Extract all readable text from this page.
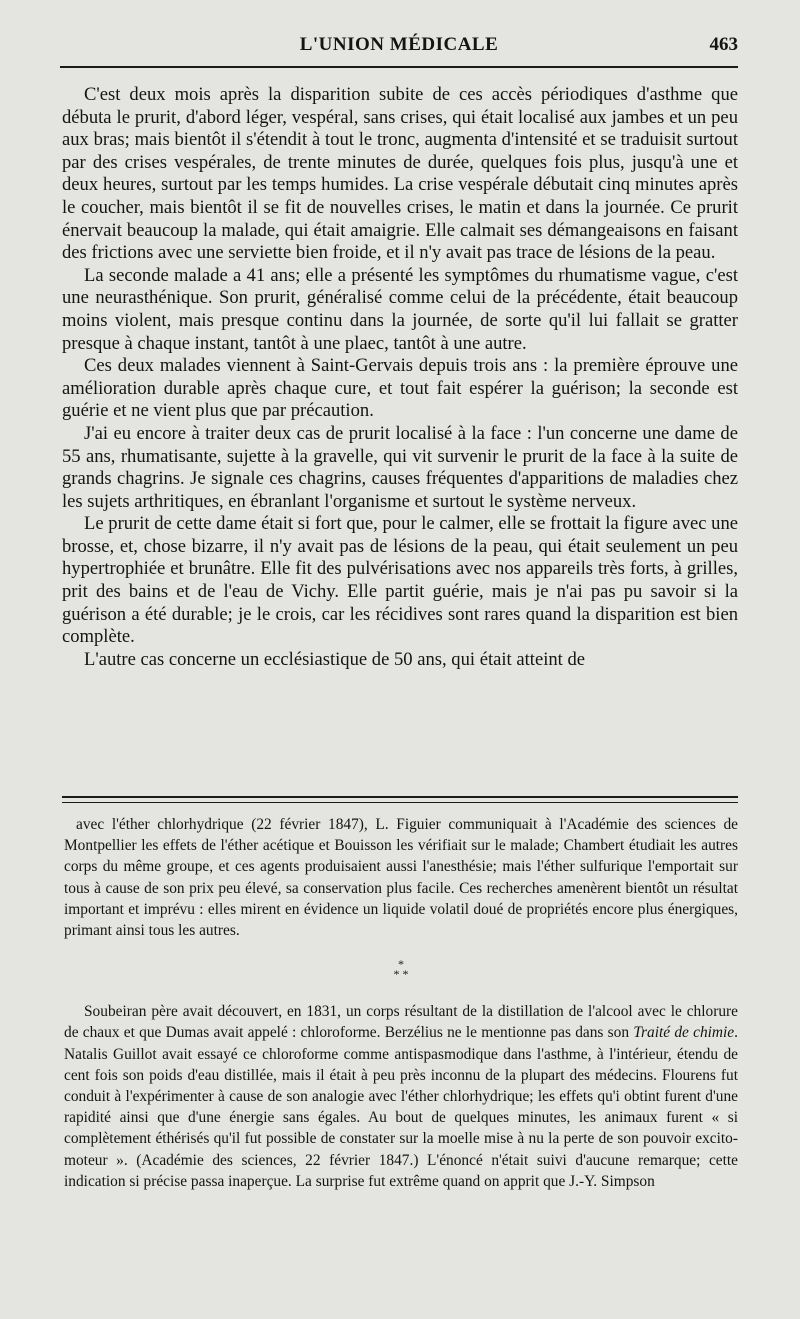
L'UNION MÉDICALE	463

C'est deux mois après la disparition subite de ces accès périodiques d'asthme que débuta le prurit, d'abord léger, vespéral, sans crises, qui était localisé aux jambes et un peu aux bras; mais bientôt il s'étendit à tout le tronc, augmenta d'intensité et se traduisit surtout par des crises vespérales, de trente minutes de durée, quelques fois plus, jusqu'à une et deux heures, surtout par les temps humides. La crise vespérale débutait cinq minutes après le coucher, mais bientôt il se fit de nouvelles crises, le matin et dans la journée. Ce prurit énervait beaucoup la malade, qui était amaigrie. Elle calmait ses démangeaisons en faisant des frictions avec une serviette bien froide, et il n'y avait pas trace de lésions de la peau.

La seconde malade a 41 ans; elle a présenté les symptômes du rhumatisme vague, c'est une neurasthénique. Son prurit, généralisé comme celui de la précédente, était beaucoup moins violent, mais presque continu dans la journée, de sorte qu'il lui fallait se gratter presque à chaque instant, tantôt à une plaec, tantôt à une autre.

Ces deux malades viennent à Saint-Gervais depuis trois ans : la première éprouve une amélioration durable après chaque cure, et tout fait espérer la guérison; la seconde est guérie et ne vient plus que par précaution.

J'ai eu encore à traiter deux cas de prurit localisé à la face : l'un concerne une dame de 55 ans, rhumatisante, sujette à la gravelle, qui vit survenir le prurit de la face à la suite de grands chagrins. Je signale ces chagrins, causes fréquentes d'apparitions de maladies chez les sujets arthritiques, en ébranlant l'organisme et surtout le système nerveux.

Le prurit de cette dame était si fort que, pour le calmer, elle se frottait la figure avec une brosse, et, chose bizarre, il n'y avait pas de lésions de la peau, qui était seulement un peu hypertrophiée et brunâtre. Elle fit des pulvérisations avec nos appareils très forts, à grilles, prit des bains et de l'eau de Vichy. Elle partit guérie, mais je n'ai pas pu savoir si la guérison a été durable; je le crois, car les récidives sont rares quand la disparition est bien complète.

L'autre cas concerne un ecclésiastique de 50 ans, qui était atteint de

avec l'éther chlorhydrique (22 février 1847), L. Figuier communiquait à l'Académie des sciences de Montpellier les effets de l'éther acétique et Bouisson les vérifiait sur le malade; Chambert étudiait les autres corps du même groupe, et ces agents produisaient aussi l'anesthésie; mais l'éther sulfurique l'emportait sur tous à cause de son prix peu élevé, sa conservation plus facile. Ces recherches amenèrent bientôt un résultat important et imprévu : elles mirent en évidence un liquide volatil doué de propriétés encore plus énergiques, primant ainsi tous les autres.

*
* *

Soubeiran père avait découvert, en 1831, un corps résultant de la distillation de l'alcool avec le chlorure de chaux et que Dumas avait appelé : chloroforme. Berzélius ne le mentionne pas dans son Traité de chimie. Natalis Guillot avait essayé ce chloroforme comme antispasmodique dans l'asthme, à l'intérieur, étendu de cent fois son poids d'eau distillée, mais il était à peu près inconnu de la plupart des médecins. Flourens fut conduit à l'expérimenter à cause de son analogie avec l'éther chlorhydrique; les effets qu'i obtint furent d'une rapidité ainsi que d'une énergie sans égales. Au bout de quelques minutes, les animaux furent « si complètement éthérisés qu'il fut possible de constater sur la moelle mise à nu la perte de son pouvoir excito-moteur ». (Académie des sciences, 22 février 1847.) L'énoncé n'était suivi d'aucune remarque; cette indication si précise passa inaperçue. La surprise fut extrême quand on apprit que J.-Y. Simpson
